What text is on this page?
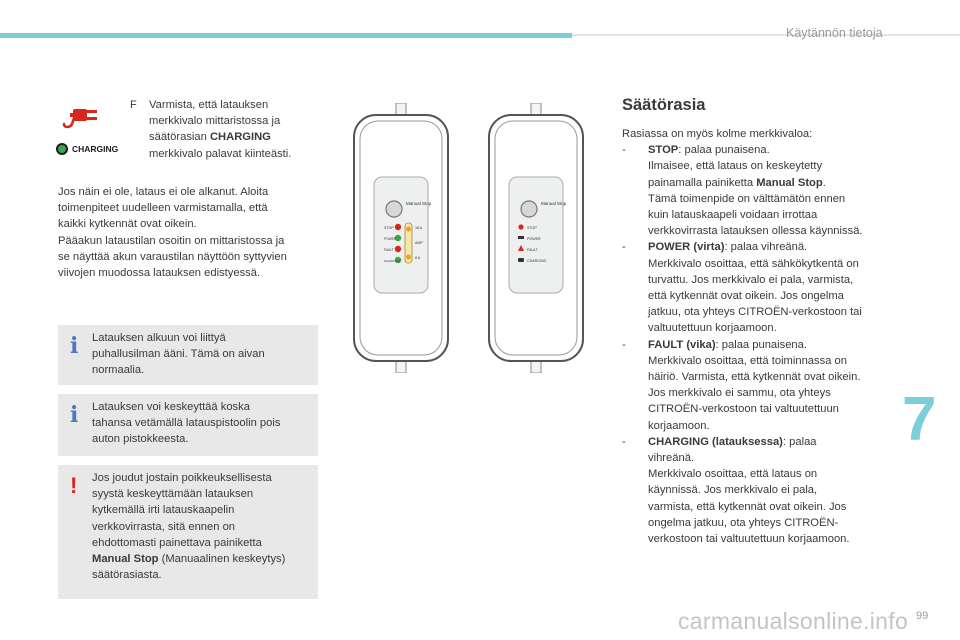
Käytännön tietoja
CHARGING
F Varmista, että latauksen
merkkivalo mittaristossa ja
säätörasian CHARGING
merkkivalo palavat kiinteästi.
Jos näin ei ole, lataus ei ole alkanut. Aloita
toimenpiteet uudelleen varmistamalla, että
kaikki kytkennät ovat oikein.
Pääakun lataustilan osoitin on mittaristossa ja
se näyttää akun varaustilan näyttöön syttyvien
viivojen muodossa latauksen edistyessä.
i Latauksen alkuun voi liittyä
puhallusilman ääni. Tämä on aivan
normaalia.
i Latauksen voi keskeyttää koska
tahansa vetämällä latauspistoolin pois
auton pistokkeesta.
! Jos joudut jostain poikkeuksellisesta
syystä keskeyttämään latauksen
kytkemällä irti latauskaapelin
verkkovirrasta, sitä ennen on
ehdottomasti painettava painiketta
Manual Stop (Manuaalinen keskeytys)
säätörasiasta.
Manual Stop
STOP
POWER
FAULT
CHARGING
16 A
AMP
8 A
Manual Stop
STOP
POWER
FAULT
CHARGING
Säätörasia
Rasiassa on myös kolme merkkivaloa:
- STOP: palaa punaisena.
Ilmaisee, että lataus on keskeytetty
painamalla painiketta Manual Stop.
Tämä toimenpide on välttämätön ennen
kuin latauskaapeli voidaan irrottaa
verkkovirrasta latauksen ollessa käynnissä.
- POWER (virta): palaa vihreänä.
Merkkivalo osoittaa, että sähkökytkentä on
turvattu. Jos merkkivalo ei pala, varmista,
että kytkennät ovat oikein. Jos ongelma
jatkuu, ota yhteys CITROËN-verkostoon tai
valtuutettuun korjaamoon.
- FAULT (vika): palaa punaisena.
Merkkivalo osoittaa, että toiminnassa on
häiriö. Varmista, että kytkennät ovat oikein.
Jos merkkivalo ei sammu, ota yhteys
CITROËN-verkostoon tai valtuutettuun
korjaamoon.
- CHARGING (latauksessa): palaa
vihreänä.
Merkkivalo osoittaa, että lataus on
käynnissä. Jos merkkivalo ei pala,
varmista, että kytkennät ovat oikein. Jos
ongelma jatkuu, ota yhteys CITROËN-
verkostoon tai valtuutettuun korjaamoon.
7
carmanualsonline.info 99
